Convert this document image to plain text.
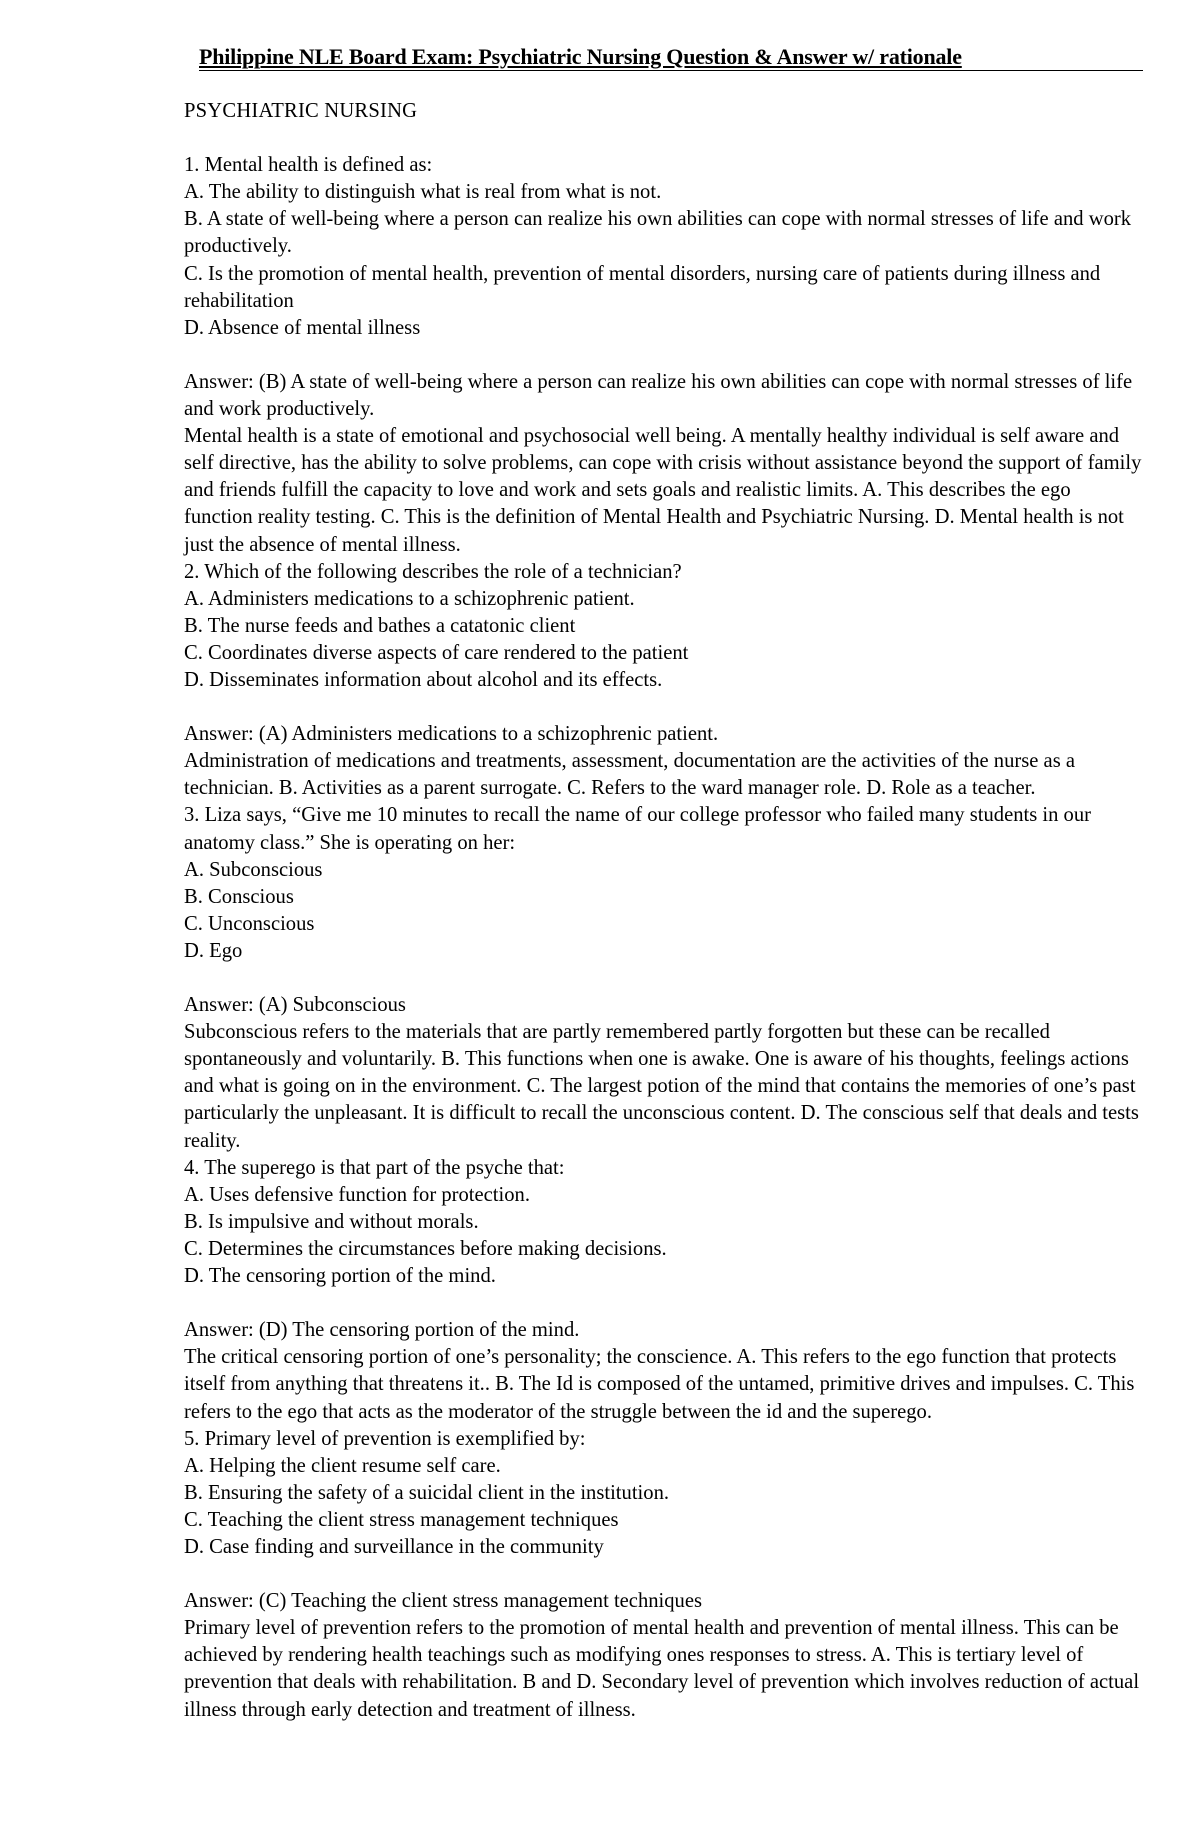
Philippine NLE Board Exam: Psychiatric Nursing Question & Answer w/ rationale
PSYCHIATRIC NURSING

1. Mental health is defined as:

A. The ability to distinguish what is real from what is not.

B. A state of well-being where a person can realize his own abilities can cope with normal stresses of life and work productively.

C. Is the promotion of mental health, prevention of mental disorders, nursing care of patients during illness and rehabilitation

D. Absence of mental illness

Answer: (B) A state of well-being where a person can realize his own abilities can cope with normal stresses of life and work productively.

Mental health is a state of emotional and psychosocial well being. A mentally healthy individual is self aware and self directive, has the ability to solve problems, can cope with crisis without assistance beyond the support of family and friends fulfill the capacity to love and work and sets goals and realistic limits. A. This describes the ego function reality testing. C. This is the definition of Mental Health and Psychiatric Nursing. D. Mental health is not just the absence of mental illness.

2. Which of the following describes the role of a technician?

A. Administers medications to a schizophrenic patient.

B. The nurse feeds and bathes a catatonic client

C. Coordinates diverse aspects of care rendered to the patient

D. Disseminates information about alcohol and its effects.

Answer: (A) Administers medications to a schizophrenic patient.

Administration of medications and treatments, assessment, documentation are the activities of the nurse as a technician. B. Activities as a parent surrogate. C. Refers to the ward manager role. D. Role as a teacher.

3. Liza says, “Give me 10 minutes to recall the name of our college professor who failed many students in our anatomy class.” She is operating on her:

A. Subconscious

B. Conscious

C. Unconscious

D. Ego

Answer: (A) Subconscious

Subconscious refers to the materials that are partly remembered partly forgotten but these can be recalled spontaneously and voluntarily. B. This functions when one is awake. One is aware of his thoughts, feelings actions and what is going on in the environment. C. The largest potion of the mind that contains the memories of one’s past particularly the unpleasant. It is difficult to recall the unconscious content. D. The conscious self that deals and tests reality.

4. The superego is that part of the psyche that:

A. Uses defensive function for protection.

B. Is impulsive and without morals.

C. Determines the circumstances before making decisions.

D. The censoring portion of the mind.

Answer: (D) The censoring portion of the mind.

The critical censoring portion of one’s personality; the conscience. A. This refers to the ego function that protects itself from anything that threatens it.. B. The Id is composed of the untamed, primitive drives and impulses. C. This refers to the ego that acts as the moderator of the struggle between the id and the superego.

5. Primary level of prevention is exemplified by:

A. Helping the client resume self care.

B. Ensuring the safety of a suicidal client in the institution.

C. Teaching the client stress management techniques

D. Case finding and surveillance in the community

Answer: (C) Teaching the client stress management techniques

Primary level of prevention refers to the promotion of mental health and prevention of mental illness. This can be achieved by rendering health teachings such as modifying ones responses to stress. A. This is tertiary level of prevention that deals with rehabilitation. B and D. Secondary level of prevention which involves reduction of actual illness through early detection and treatment of illness.
